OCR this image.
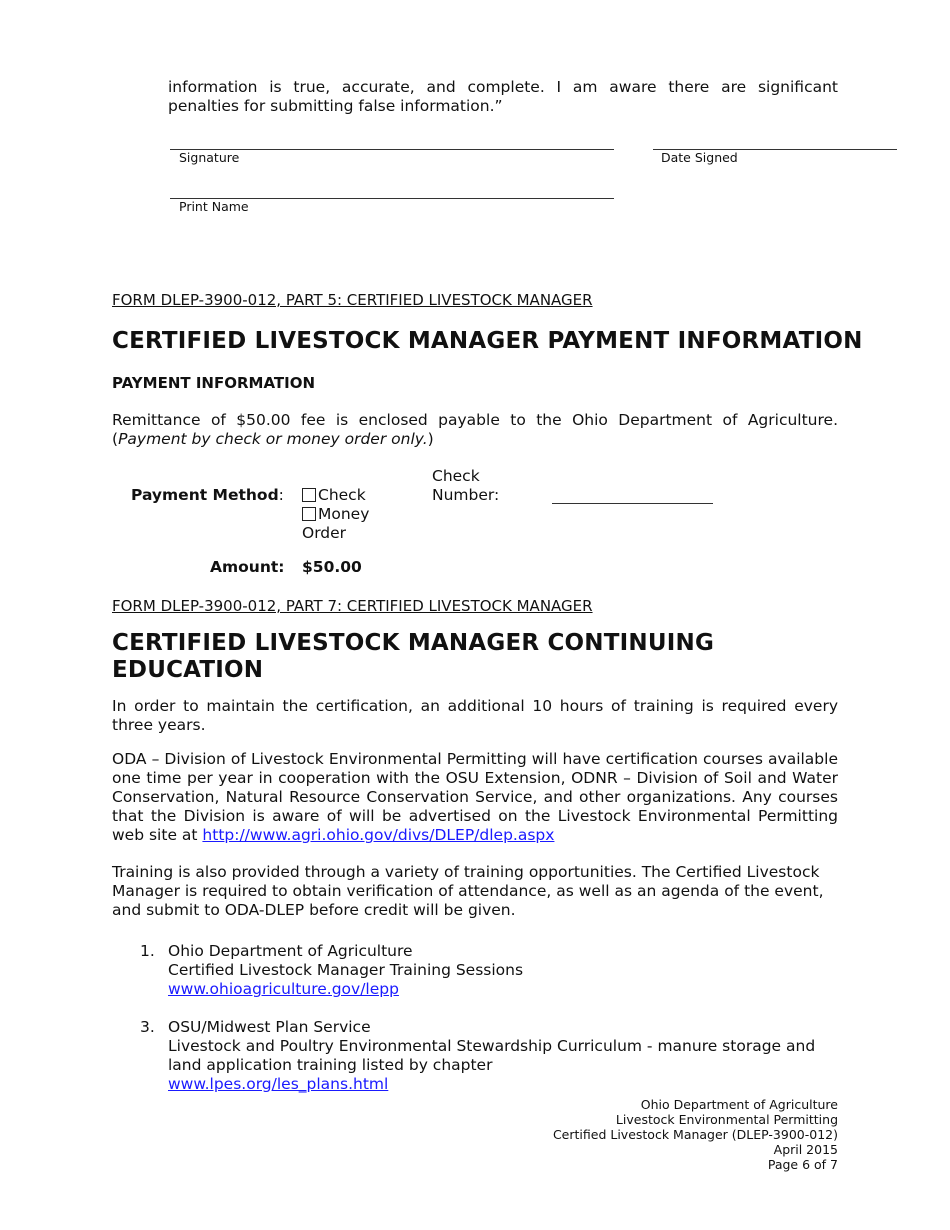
information is true, accurate, and complete. I am aware there are significant
penalties for submitting false information.”
Signature	Date Signed
Print Name
FORM DLEP-3900-012, PART 5: CERTIFIED LIVESTOCK MANAGER
CERTIFIED LIVESTOCK MANAGER PAYMENT INFORMATION
PAYMENT INFORMATION
Remittance of $50.00 fee is enclosed payable to the Ohio Department of Agriculture.
(Payment by check or money order only.)
Payment Method:	Check
Money
Order
Check
Number:
Amount: $50.00
FORM DLEP-3900-012, PART 7: CERTIFIED LIVESTOCK MANAGER
CERTIFIED LIVESTOCK MANAGER CONTINUING
EDUCATION
In order to maintain the certification, an additional 10 hours of training is required every three years.
ODA – Division of Livestock Environmental Permitting will have certification courses available one time per year in cooperation with the OSU Extension, ODNR – Division of Soil and Water Conservation, Natural Resource Conservation Service, and other organizations. Any courses that the Division is aware of will be advertised on the Livestock Environmental Permitting web site at http://www.agri.ohio.gov/divs/DLEP/dlep.aspx
Training is also provided through a variety of training opportunities. The Certified Livestock
Manager is required to obtain verification of attendance, as well as an agenda of the event,
and submit to ODA-DLEP before credit will be given.
1. Ohio Department of Agriculture
Certified Livestock Manager Training Sessions
www.ohioagriculture.gov/lepp
3. OSU/Midwest Plan Service
Livestock and Poultry Environmental Stewardship Curriculum - manure storage and land application training listed by chapter
www.lpes.org/les_plans.html
Ohio Department of Agriculture
Livestock Environmental Permitting
Certified Livestock Manager (DLEP-3900-012)
April 2015
Page 6 of 7
